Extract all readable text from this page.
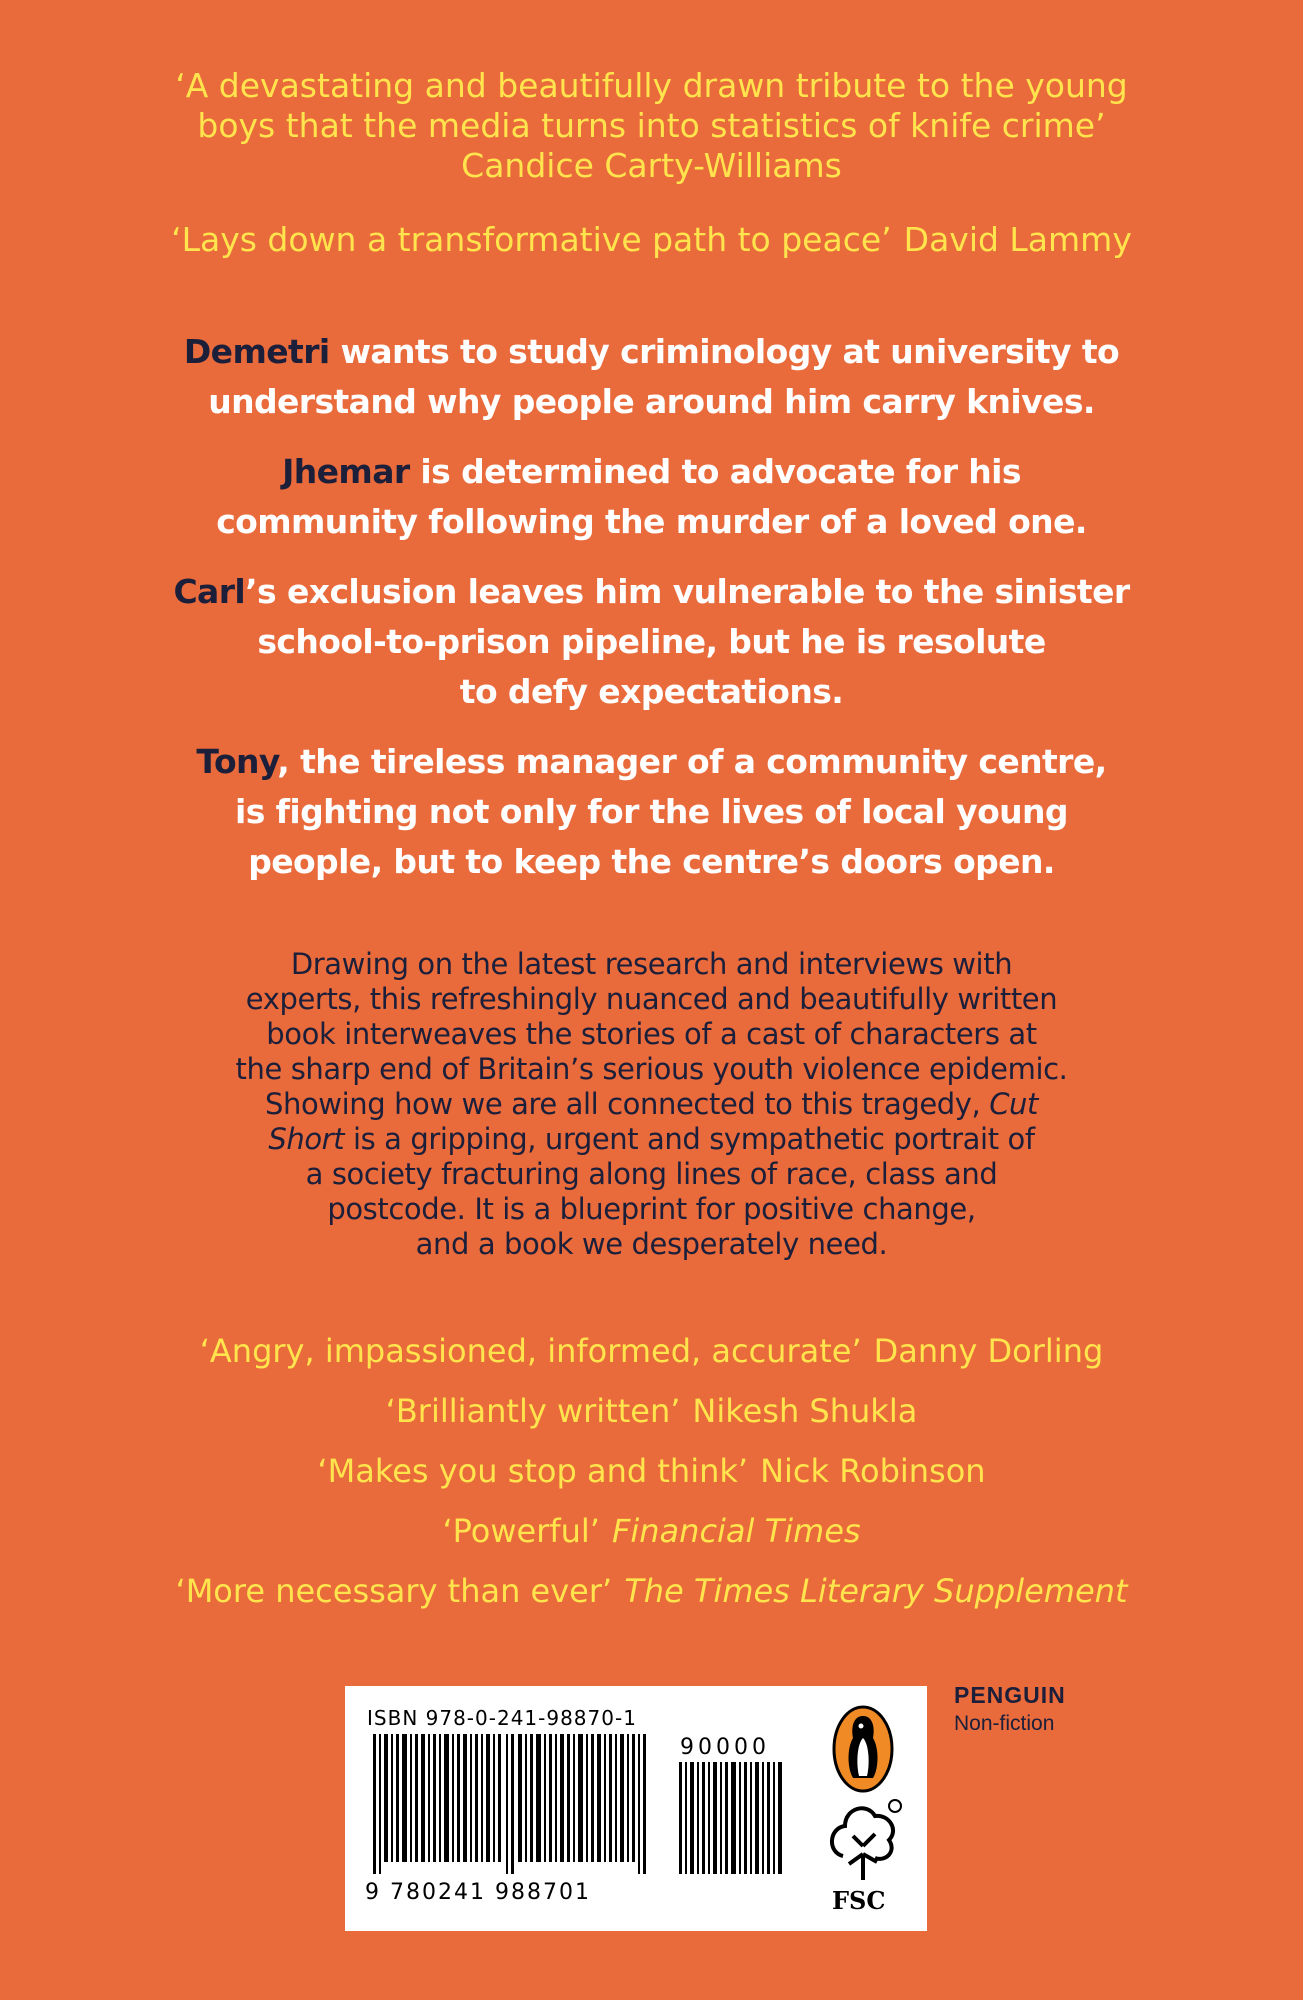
‘A devastating and beautifully drawn tribute to the young
boys that the media turns into statistics of knife crime’
Candice Carty-Williams
‘Lays down a transformative path to peace’ David Lammy

Demetri wants to study criminology at university to
understand why people around him carry knives.

Jhemar is determined to advocate for his
community following the murder of a loved one.

Carl’s exclusion leaves him vulnerable to the sinister
school-to-prison pipeline, but he is resolute
to defy expectations.

Tony, the tireless manager of a community centre,
is fighting not only for the lives of local young
people, but to keep the centre’s doors open.

Drawing on the latest research and interviews with

experts, this refreshingly nuanced and beautifully written

book interweaves the stories of a cast of characters at

the sharp end of Britain’s serious youth violence epidemic.

Showing how we are all connected to this tragedy, Cut

Short is a gripping, urgent and sympathetic portrait of

a society fracturing along lines of race, class and

postcode. It is a blueprint for positive change,

and a book we desperately need.

‘Angry, impassioned, informed, accurate’ Danny Dorling
‘Brilliantly written’ Nikesh Shukla
‘Makes you stop and think’ Nick Robinson
‘Powerful’ Financial Times
‘More necessary than ever’ The Times Literary Supplement
ISBN 978-0-241-98870-1
90000
9 780241 988701	FSC
PENGUIN
Non-fiction
